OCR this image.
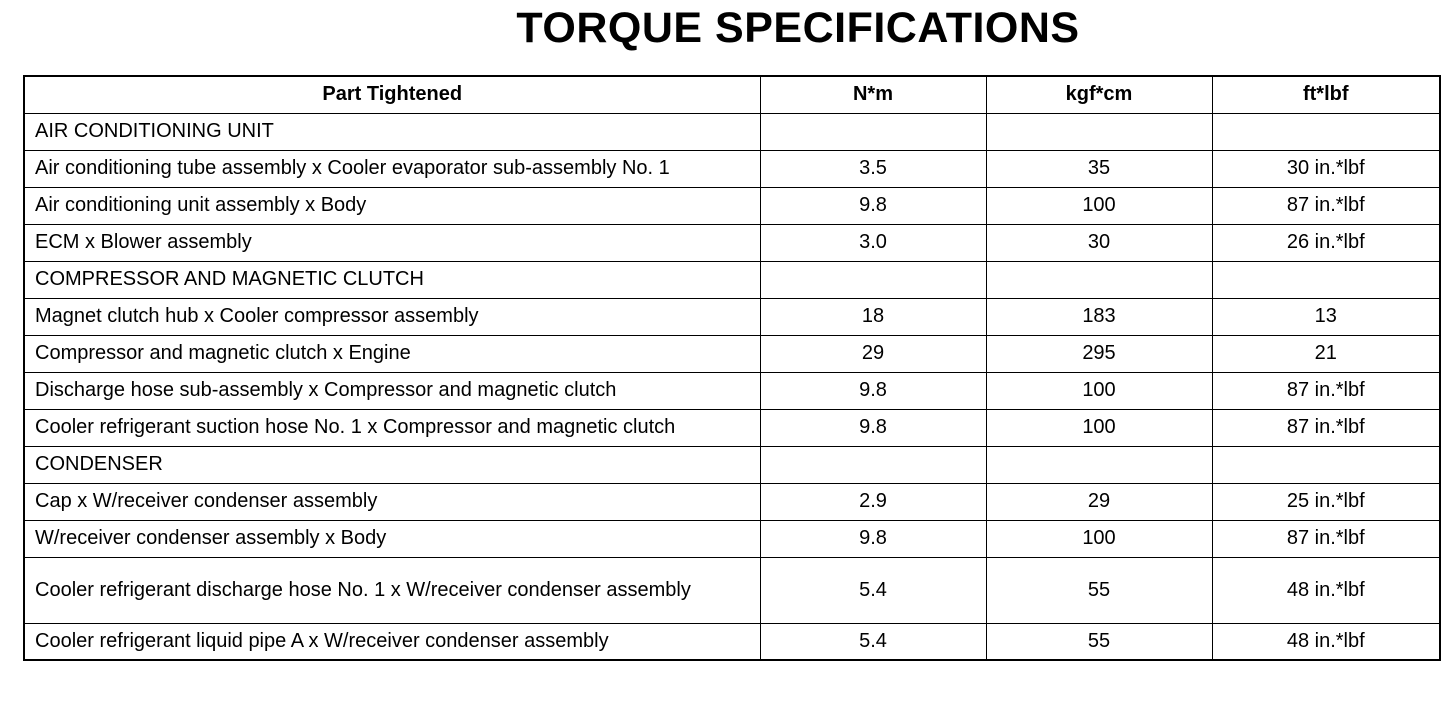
TORQUE SPECIFICATIONS
Part Tightened	N*m	kgf*cm	ft*lbf
AIR CONDITIONING UNIT			
Air conditioning tube assembly x Cooler evaporator sub-assembly No. 1	3.5	35	30 in.*lbf
Air conditioning unit assembly x Body	9.8	100	87 in.*lbf
ECM x Blower assembly	3.0	30	26 in.*lbf
COMPRESSOR AND MAGNETIC CLUTCH			
Magnet clutch hub x Cooler compressor assembly	18	183	13
Compressor and magnetic clutch x Engine	29	295	21
Discharge hose sub-assembly x Compressor and magnetic clutch	9.8	100	87 in.*lbf
Cooler refrigerant suction hose No. 1 x Compressor and magnetic clutch	9.8	100	87 in.*lbf
CONDENSER			
Cap x W/receiver condenser assembly	2.9	29	25 in.*lbf
W/receiver condenser assembly x Body	9.8	100	87 in.*lbf
Cooler refrigerant discharge hose No. 1 x W/receiver condenser assembly	5.4	55	48 in.*lbf
Cooler refrigerant liquid pipe A x W/receiver condenser assembly	5.4	55	48 in.*lbf
